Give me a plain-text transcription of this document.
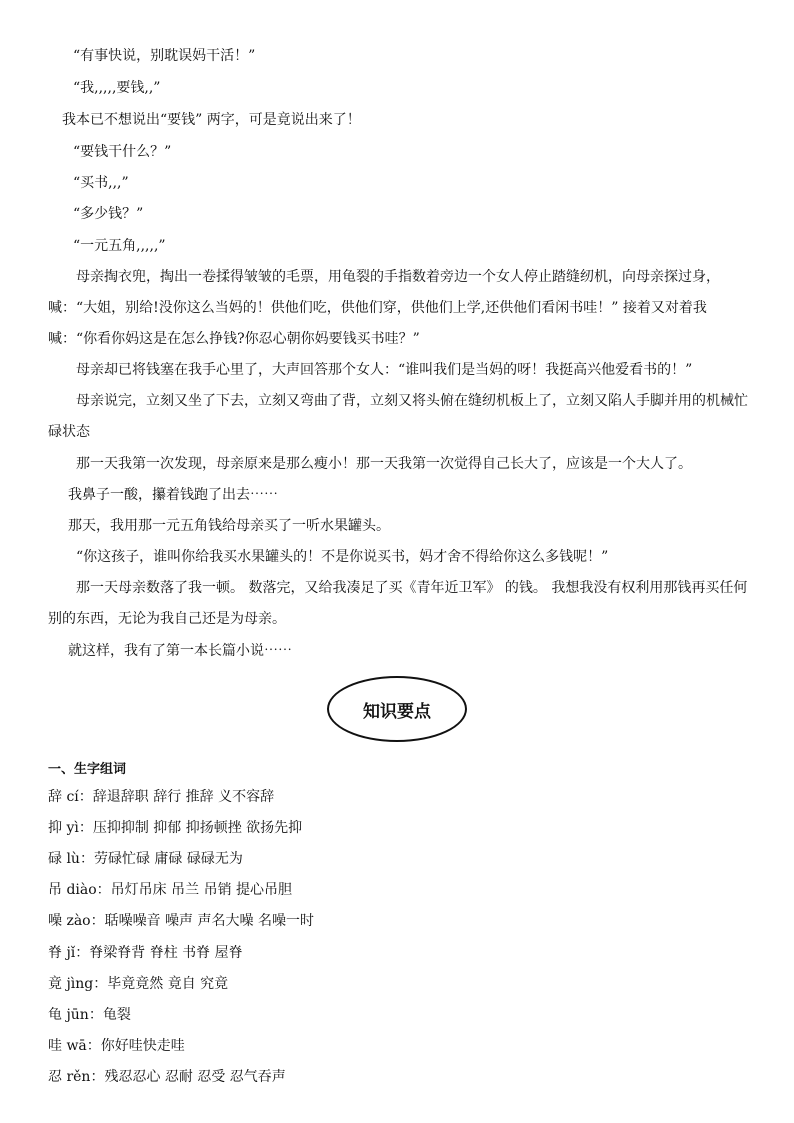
“有事快说，别耽误妈干活！”
“我,,,,,要钱,,”
我本已不想说出“要钱” 两字，可是竟说出来了！
“要钱干什么？”
“买书,,,”
“多少钱？”
“一元五角,,,,,”
母亲掏衣兜，掏出一卷揉得皱皱的毛票，用龟裂的手指数着旁边一个女人停止踏缝纫机，向母亲探过身，喊：“大姐，别给!没你这么当妈的！供他们吃，供他们穿，供他们上学,还供他们看闲书哇！” 接着又对着我喊：“你看你妈这是在怎么挣钱?你忍心朝你妈要钱买书哇？”
母亲却已将钱塞在我手心里了，大声回答那个女人：“谁叫我们是当妈的呀！我挺高兴他爱看书的！”
母亲说完，立刻又坐了下去，立刻又弯曲了背，立刻又将头俯在缝纫机板上了，立刻又陷人手脚并用的机械忙碌状态
那一天我第一次发现，母亲原来是那么瘦小！那一天我第一次觉得自己长大了，应该是一个大人了。
我鼻子一酸，攥着钱跑了出去⋯⋯
那天，我用那一元五角钱给母亲买了一听水果罐头。
“你这孩子，谁叫你给我买水果罐头的！不是你说买书，妈才舍不得给你这么多钱呢！”
那一天母亲数落了我一顿。 数落完，又给我凑足了买《青年近卫军》 的钱。 我想我没有权利用那钱再买任何别的东西，无论为我自己还是为母亲。
就这样，我有了第一本长篇小说⋯⋯
知识要点
一、生字组词
辞 cí：辞退辞职 辞行 推辞 义不容辞
抑 yì：压抑抑制 抑郁 抑扬顿挫 欲扬先抑
碌 lù：劳碌忙碌 庸碌 碌碌无为
吊 diào：吊灯吊床 吊兰 吊销 提心吊胆
噪 zào：聒噪噪音 噪声 声名大噪 名噪一时
脊 jǐ：脊梁脊背 脊柱 书脊 屋脊
竟 jìng：毕竟竟然 竟自 究竟
龟 jūn：龟裂
哇 wā：你好哇快走哇
忍 rěn：残忍忍心 忍耐 忍受 忍气吞声
